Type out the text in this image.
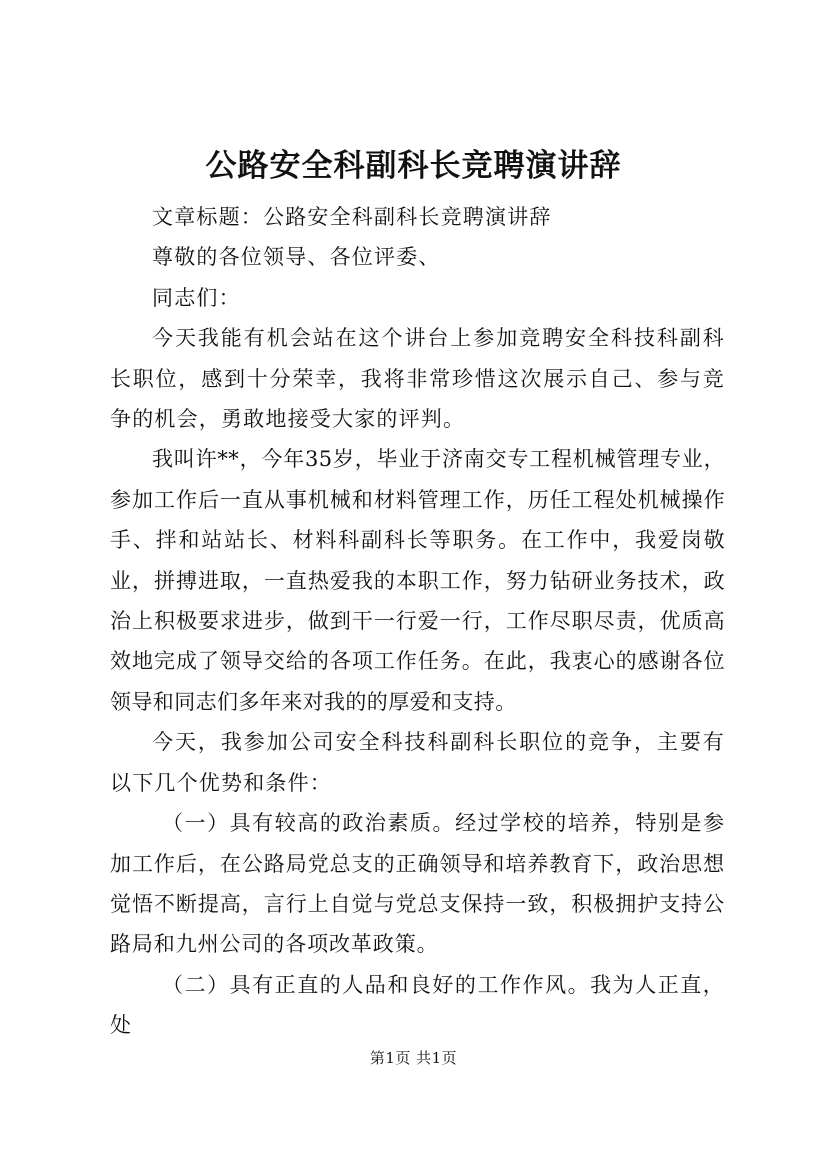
公路安全科副科长竞聘演讲辞

文章标题：公路安全科副科长竞聘演讲辞

尊敬的各位领导、各位评委、

同志们：

今天我能有机会站在这个讲台上参加竞聘安全科技科副科长职位，感到十分荣幸，我将非常珍惜这次展示自己、参与竞争的机会，勇敢地接受大家的评判。

我叫许**，今年35岁，毕业于济南交专工程机械管理专业，参加工作后一直从事机械和材料管理工作，历任工程处机械操作手、拌和站站长、材料科副科长等职务。在工作中，我爱岗敬业，拼搏进取，一直热爱我的本职工作，努力钻研业务技术，政治上积极要求进步，做到干一行爱一行，工作尽职尽责，优质高效地完成了领导交给的各项工作任务。在此，我衷心的感谢各位领导和同志们多年来对我的的厚爱和支持。

今天，我参加公司安全科技科副科长职位的竞争，主要有以下几个优势和条件：

（一）具有较高的政治素质。经过学校的培养，特别是参加工作后，在公路局党总支的正确领导和培养教育下，政治思想觉悟不断提高，言行上自觉与党总支保持一致，积极拥护支持公路局和九州公司的各项改革政策。

（二）具有正直的人品和良好的工作作风。我为人正直，处

第1页 共1页
